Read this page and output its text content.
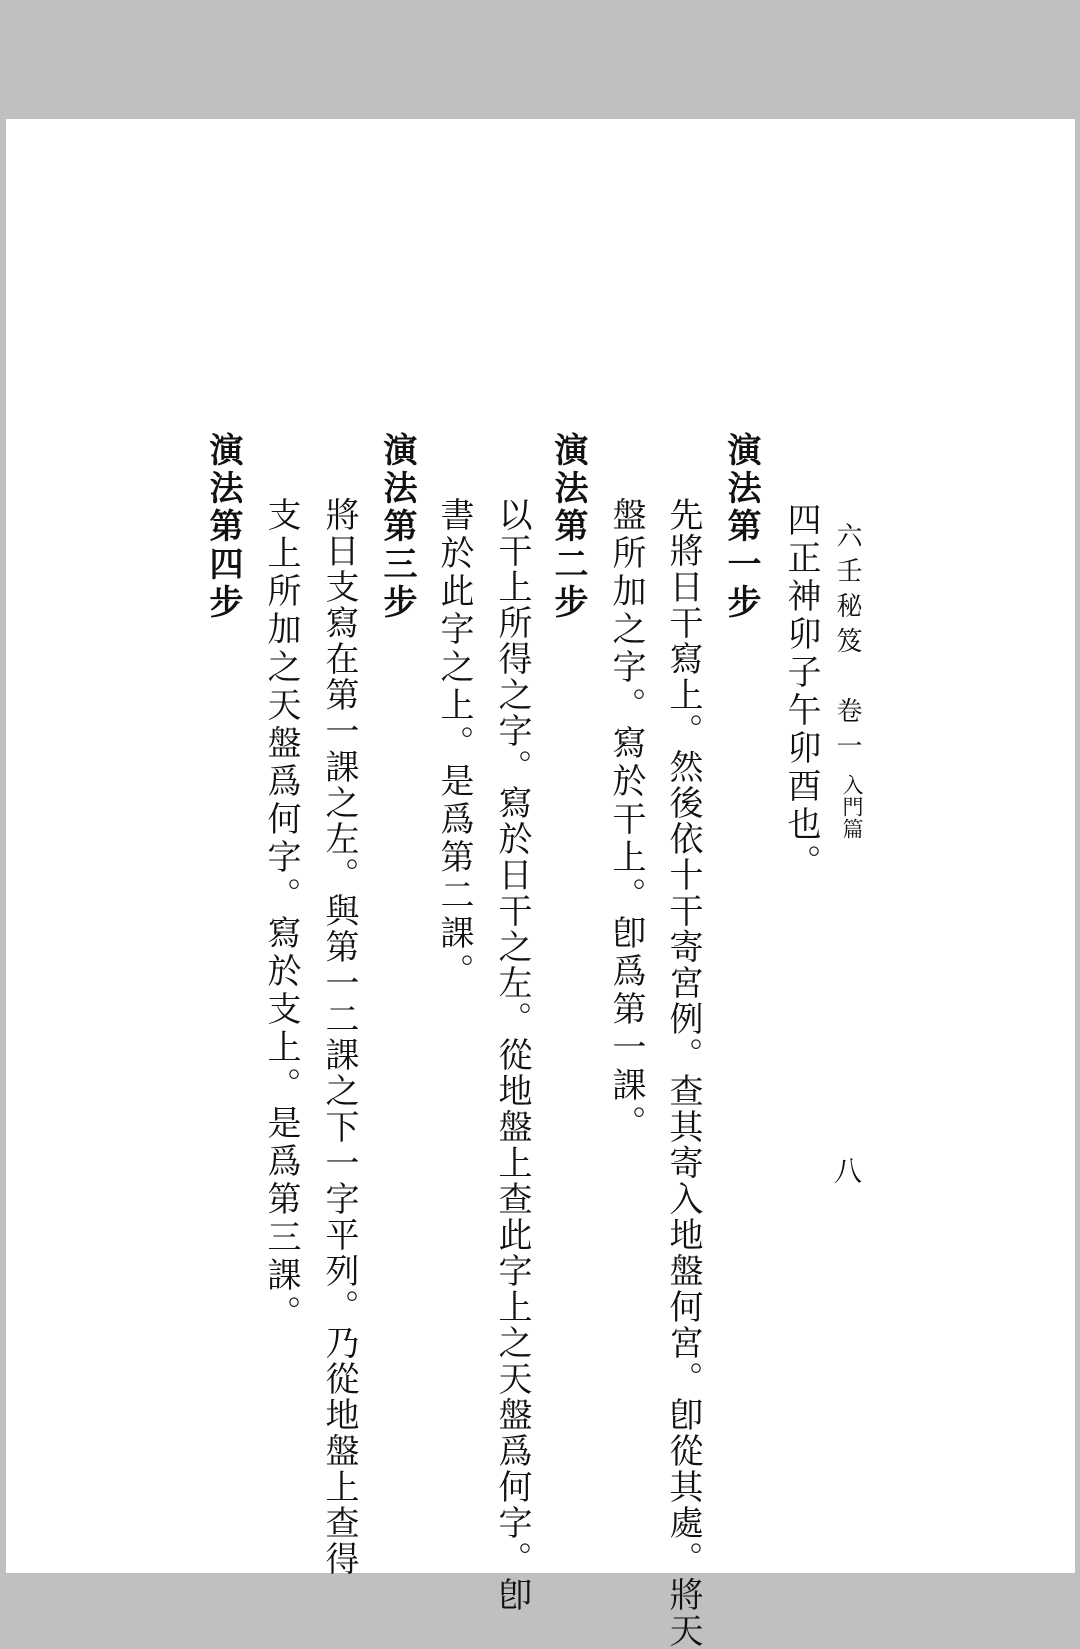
六壬秘笈　卷一
入門篇
八
四正神卯子午卯酉也。
演法第一步
先將日干寫上。然後依十干寄宮例。查其寄入地盤何宮。卽從其處。將天
盤所加之字。寫於干上。卽爲第一課。
演法第二步
以干上所得之字。寫於日干之左。從地盤上查此字上之天盤爲何字。卽
書於此字之上。是爲第二課。
演法第三步
將日支寫在第一課之左。與第一二課之下一字平列。乃從地盤上查得
支上所加之天盤爲何字。寫於支上。是爲第三課。
演法第四步
